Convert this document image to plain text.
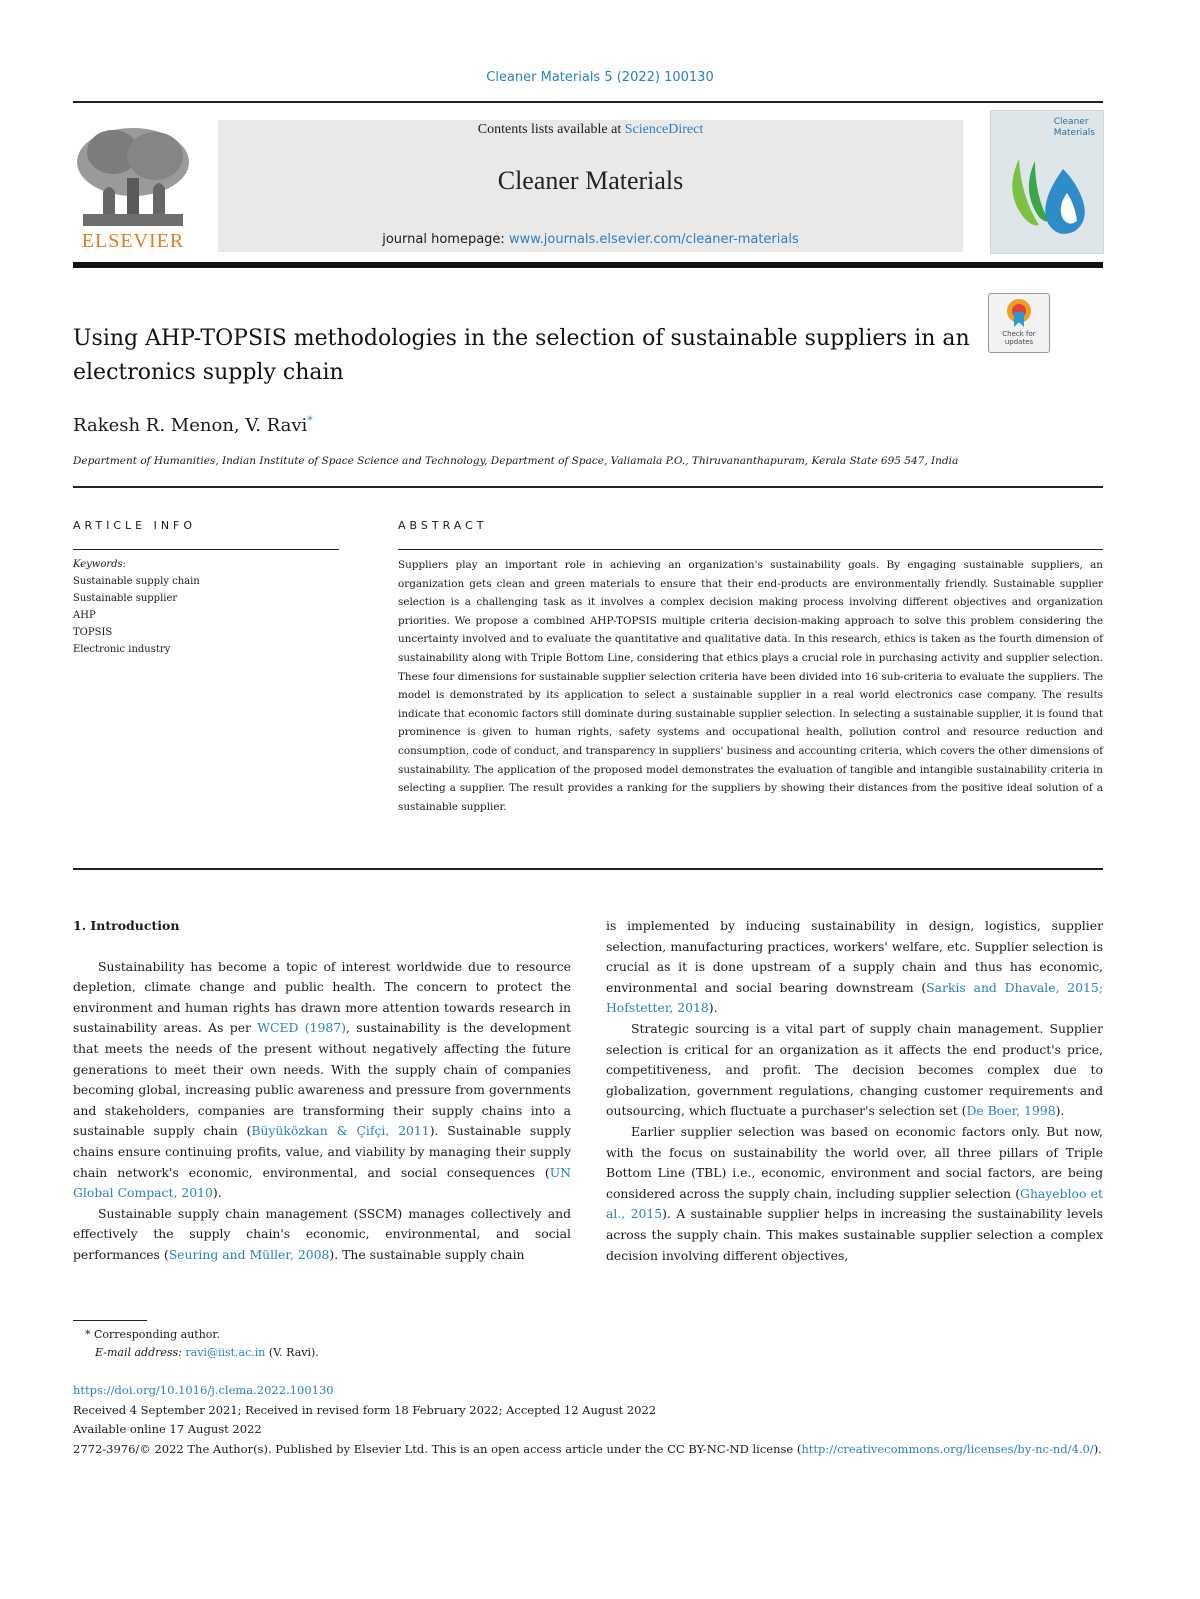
Cleaner Materials 5 (2022) 100130
ELSEVIER
Contents lists available at ScienceDirect
Cleaner Materials
journal homepage: www.journals.elsevier.com/cleaner-materials
Cleaner
Materials
Using AHP-TOPSIS methodologies in the selection of sustainable suppliers in an electronics supply chain
Check for updates
Rakesh R. Menon, V. Ravi*
Department of Humanities, Indian Institute of Space Science and Technology, Department of Space, Valiamala P.O., Thiruvananthapuram, Kerala State 695 547, India
ARTICLE INFO
Keywords:
Sustainable supply chain
Sustainable supplier
AHP
TOPSIS
Electronic industry
ABSTRACT
Suppliers play an important role in achieving an organization's sustainability goals. By engaging sustainable suppliers, an organization gets clean and green materials to ensure that their end-products are environmentally friendly. Sustainable supplier selection is a challenging task as it involves a complex decision making process involving different objectives and organization priorities. We propose a combined AHP-TOPSIS multiple criteria decision-making approach to solve this problem considering the uncertainty involved and to evaluate the quantitative and qualitative data. In this research, ethics is taken as the fourth dimension of sustainability along with Triple Bottom Line, considering that ethics plays a crucial role in purchasing activity and supplier selection. These four dimensions for sustainable supplier selection criteria have been divided into 16 sub-criteria to evaluate the suppliers. The model is demonstrated by its application to select a sustainable supplier in a real world electronics case company. The results indicate that economic factors still dominate during sustainable supplier selection. In selecting a sustainable supplier, it is found that prominence is given to human rights, safety systems and occupational health, pollution control and resource reduction and consumption, code of conduct, and transparency in suppliers' business and accounting criteria, which covers the other dimensions of sustainability. The application of the proposed model demonstrates the evaluation of tangible and intangible sustainability criteria in selecting a supplier. The result provides a ranking for the suppliers by showing their distances from the positive ideal solution of a sustainable supplier.
1. Introduction

Sustainability has become a topic of interest worldwide due to resource depletion, climate change and public health. The concern to protect the environment and human rights has drawn more attention towards research in sustainability areas. As per WCED (1987), sustainability is the development that meets the needs of the present without negatively affecting the future generations to meet their own needs. With the supply chain of companies becoming global, increasing public awareness and pressure from governments and stakeholders, companies are transforming their supply chains into a sustainable supply chain (Büyüközkan & Çifçi, 2011). Sustainable supply chains ensure continuing profits, value, and viability by managing their supply chain network's economic, environmental, and social consequences (UN Global Compact, 2010).

Sustainable supply chain management (SSCM) manages collectively and effectively the supply chain's economic, environmental, and social performances (Seuring and Müller, 2008). The sustainable supply chain

is implemented by inducing sustainability in design, logistics, supplier selection, manufacturing practices, workers' welfare, etc. Supplier selection is crucial as it is done upstream of a supply chain and thus has economic, environmental and social bearing downstream (Sarkis and Dhavale, 2015; Hofstetter, 2018).

Strategic sourcing is a vital part of supply chain management. Supplier selection is critical for an organization as it affects the end product's price, competitiveness, and profit. The decision becomes complex due to globalization, government regulations, changing customer requirements and outsourcing, which fluctuate a purchaser's selection set (De Boer, 1998).

Earlier supplier selection was based on economic factors only. But now, with the focus on sustainability the world over, all three pillars of Triple Bottom Line (TBL) i.e., economic, environment and social factors, are being considered across the supply chain, including supplier selection (Ghayebloo et al., 2015). A sustainable supplier helps in increasing the sustainability levels across the supply chain. This makes sustainable supplier selection a complex decision involving different objectives,

* Corresponding author.
E-mail address: ravi@iist.ac.in (V. Ravi).
https://doi.org/10.1016/j.clema.2022.100130
Received 4 September 2021; Received in revised form 18 February 2022; Accepted 12 August 2022
Available online 17 August 2022
2772-3976/© 2022 The Author(s). Published by Elsevier Ltd. This is an open access article under the CC BY-NC-ND license (http://creativecommons.org/licenses/by-nc-nd/4.0/).
